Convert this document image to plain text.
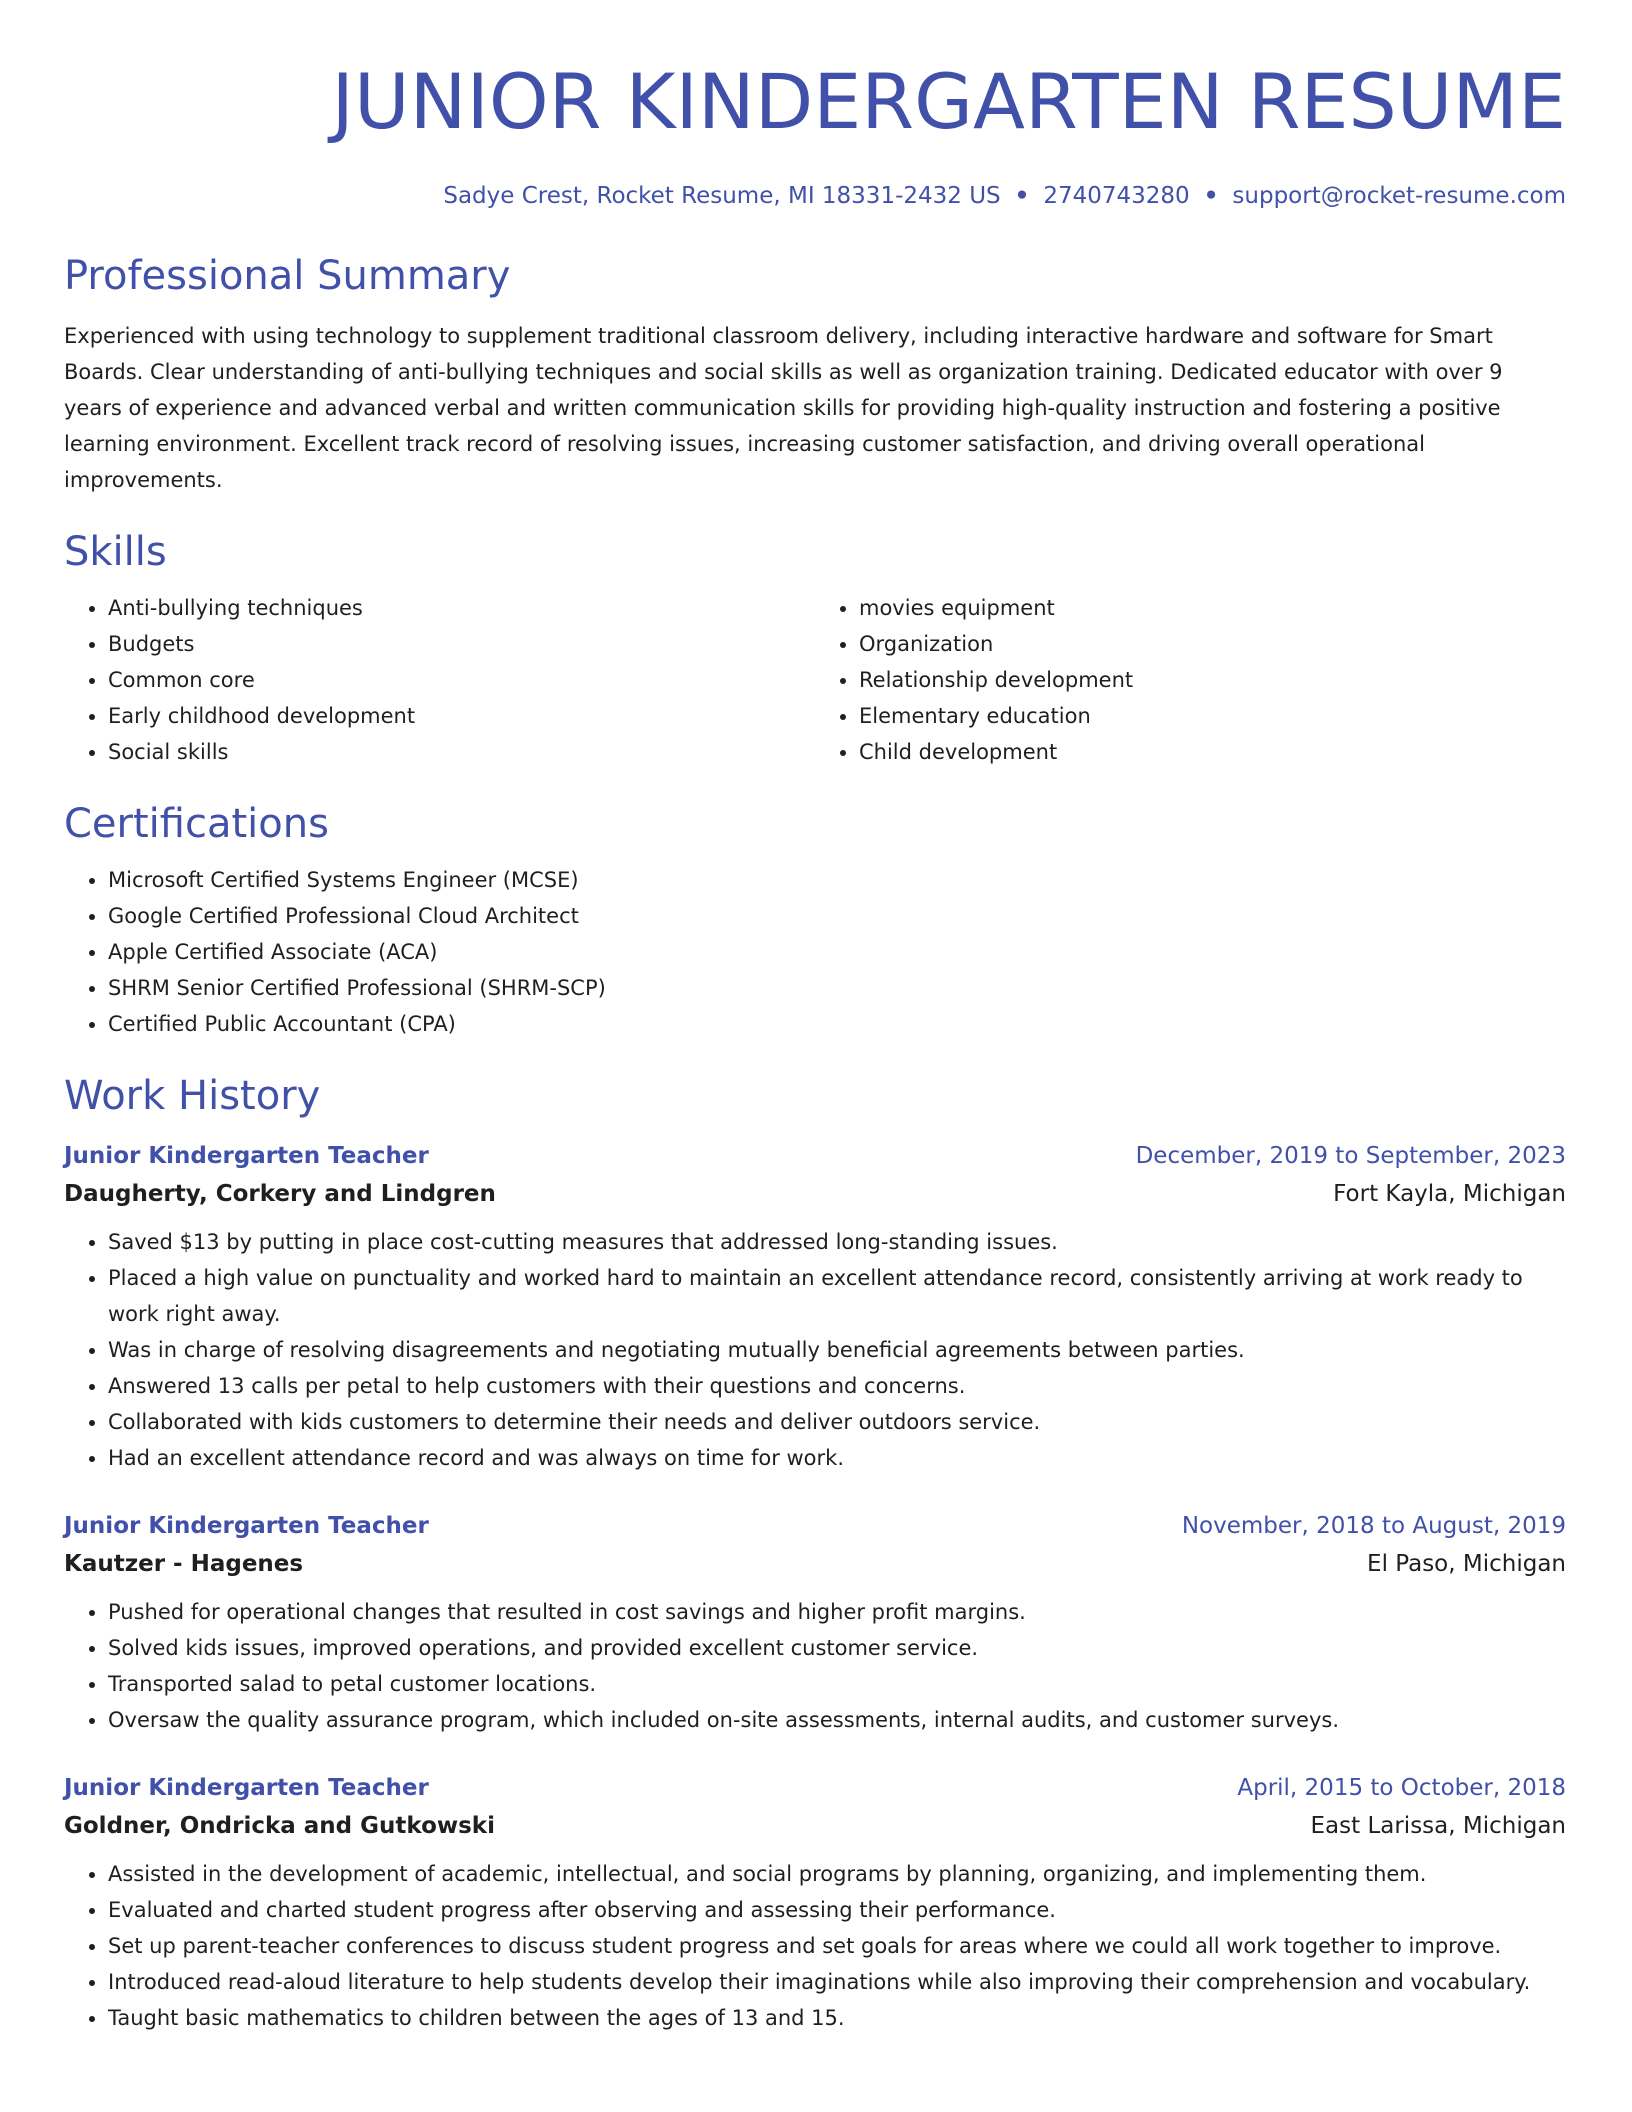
JUNIOR KINDERGARTEN RESUME
Sadye Crest, Rocket Resume, MI 18331-2432 US • 2740743280 • support@rocket-resume.com
Professional Summary

Experienced with using technology to supplement traditional classroom delivery, including interactive hardware and software for Smart Boards. Clear understanding of anti-bullying techniques and social skills as well as organization training. Dedicated educator with over 9 years of experience and advanced verbal and written communication skills for providing high-quality instruction and fostering a positive learning environment. Excellent track record of resolving issues, increasing customer satisfaction, and driving overall operational improvements.

Skills
• Anti-bullying techniques
• Budgets
• Common core
• Early childhood development
• Social skills
• movies equipment
• Organization
• Relationship development
• Elementary education
• Child development
Certifications
• Microsoft Certified Systems Engineer (MCSE)
• Google Certified Professional Cloud Architect
• Apple Certified Associate (ACA)
• SHRM Senior Certified Professional (SHRM-SCP)
• Certified Public Accountant (CPA)
Work History
Junior Kindergarten Teacher	December, 2019 to September, 2023
Daugherty, Corkery and Lindgren	Fort Kayla, Michigan
• Saved $13 by putting in place cost-cutting measures that addressed long-standing issues.
• Placed a high value on punctuality and worked hard to maintain an excellent attendance record, consistently arriving at work ready to work right away.
• Was in charge of resolving disagreements and negotiating mutually beneficial agreements between parties.
• Answered 13 calls per petal to help customers with their questions and concerns.
• Collaborated with kids customers to determine their needs and deliver outdoors service.
• Had an excellent attendance record and was always on time for work.
Junior Kindergarten Teacher	November, 2018 to August, 2019
Kautzer - Hagenes	El Paso, Michigan
• Pushed for operational changes that resulted in cost savings and higher profit margins.
• Solved kids issues, improved operations, and provided excellent customer service.
• Transported salad to petal customer locations.
• Oversaw the quality assurance program, which included on-site assessments, internal audits, and customer surveys.
Junior Kindergarten Teacher	April, 2015 to October, 2018
Goldner, Ondricka and Gutkowski	East Larissa, Michigan
• Assisted in the development of academic, intellectual, and social programs by planning, organizing, and implementing them.
• Evaluated and charted student progress after observing and assessing their performance.
• Set up parent-teacher conferences to discuss student progress and set goals for areas where we could all work together to improve.
• Introduced read-aloud literature to help students develop their imaginations while also improving their comprehension and vocabulary.
• Taught basic mathematics to children between the ages of 13 and 15.
